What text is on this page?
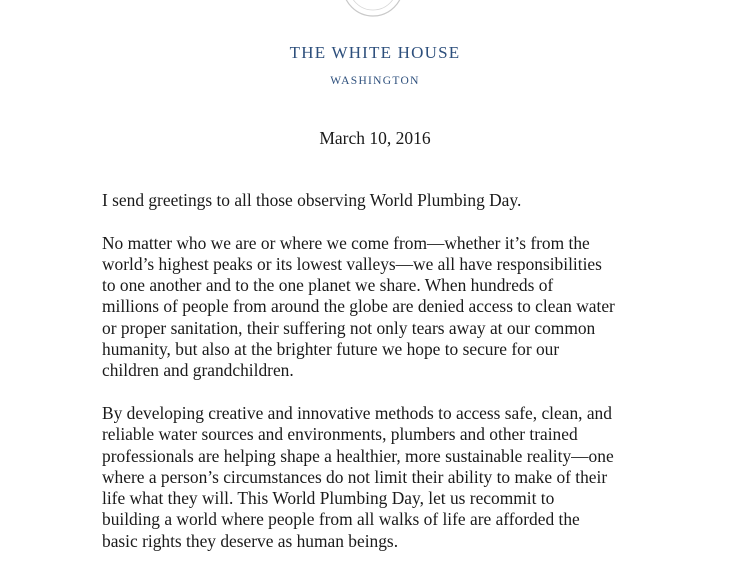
THE WHITE HOUSE
WASHINGTON
March 10, 2016

I send greetings to all those observing World Plumbing Day.

No matter who we are or where we come from—whether it’s from the
world’s highest peaks or its lowest valleys—we all have responsibilities
to one another and to the one planet we share. When hundreds of
millions of people from around the globe are denied access to clean water
or proper sanitation, their suffering not only tears away at our common
humanity, but also at the brighter future we hope to secure for our
children and grandchildren.

By developing creative and innovative methods to access safe, clean, and
reliable water sources and environments, plumbers and other trained
professionals are helping shape a healthier, more sustainable reality—one
where a person’s circumstances do not limit their ability to make of their
life what they will. This World Plumbing Day, let us recommit to
building a world where people from all walks of life are afforded the
basic rights they deserve as human beings.
